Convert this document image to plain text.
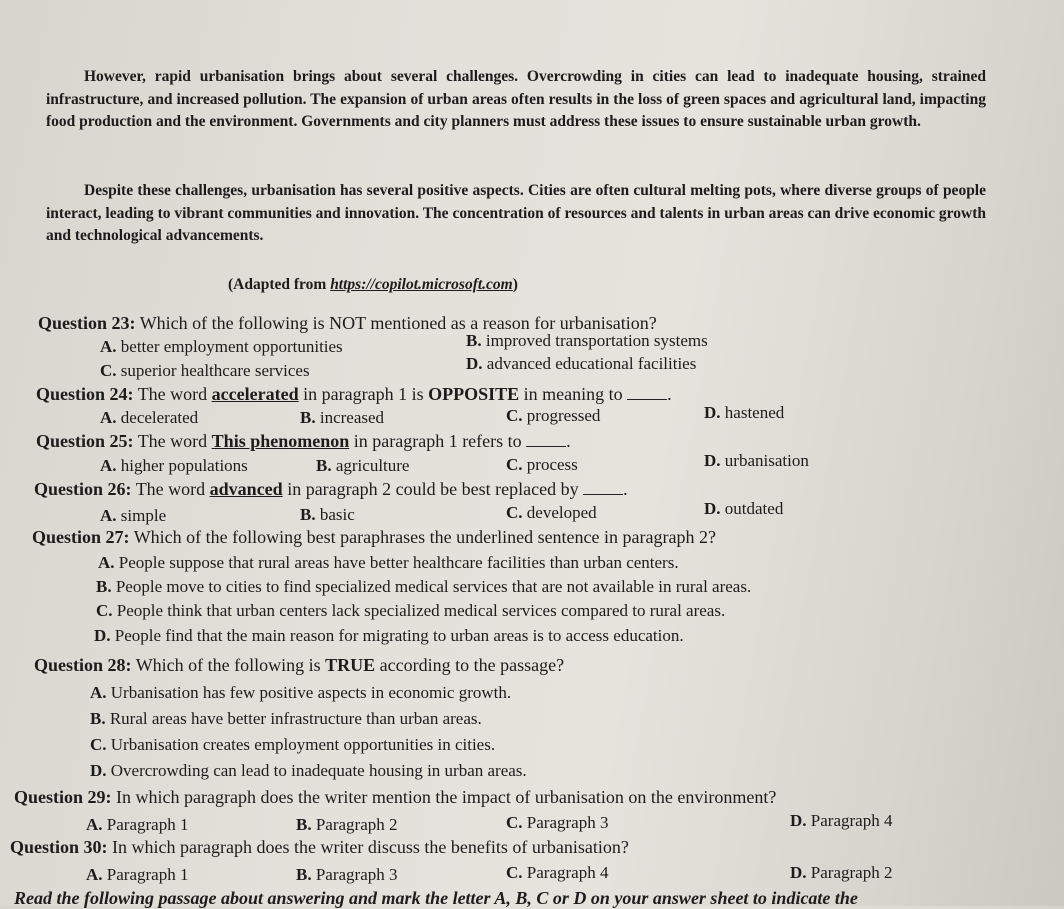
However, rapid urbanisation brings about several challenges. Overcrowding in cities can lead to inadequate housing, strained infrastructure, and increased pollution. The expansion of urban areas often results in the loss of green spaces and agricultural land, impacting food production and the environment. Governments and city planners must address these issues to ensure sustainable urban growth.

Despite these challenges, urbanisation has several positive aspects. Cities are often cultural melting pots, where diverse groups of people interact, leading to vibrant communities and innovation. The concentration of resources and talents in urban areas can drive economic growth and technological advancements.

(Adapted from https://copilot.microsoft.com)

Question 23: Which of the following is NOT mentioned as a reason for urbanisation?

A. better employment opportunities	B. improved transportation systems
C. superior healthcare services	D. advanced educational facilities

Question 24: The word accelerated in paragraph 1 is OPPOSITE in meaning to .

A. decelerated	B. increased	C. progressed	D. hastened

Question 25: The word This phenomenon in paragraph 1 refers to .

A. higher populations	B. agriculture	C. process	D. urbanisation

Question 26: The word advanced in paragraph 2 could be best replaced by .

A. simple	B. basic	C. developed	D. outdated

Question 27: Which of the following best paraphrases the underlined sentence in paragraph 2?

A. People suppose that rural areas have better healthcare facilities than urban centers.
B. People move to cities to find specialized medical services that are not available in rural areas.
C. People think that urban centers lack specialized medical services compared to rural areas.
D. People find that the main reason for migrating to urban areas is to access education.

Question 28: Which of the following is TRUE according to the passage?

A. Urbanisation has few positive aspects in economic growth.
B. Rural areas have better infrastructure than urban areas.
C. Urbanisation creates employment opportunities in cities.
D. Overcrowding can lead to inadequate housing in urban areas.

Question 29: In which paragraph does the writer mention the impact of urbanisation on the environment?

A. Paragraph 1	B. Paragraph 2	C. Paragraph 3	D. Paragraph 4

Question 30: In which paragraph does the writer discuss the benefits of urbanisation?

A. Paragraph 1	B. Paragraph 3	C. Paragraph 4	D. Paragraph 2
Read the following passage about answering and mark the letter A, B, C or D on your answer sheet to indicate the
